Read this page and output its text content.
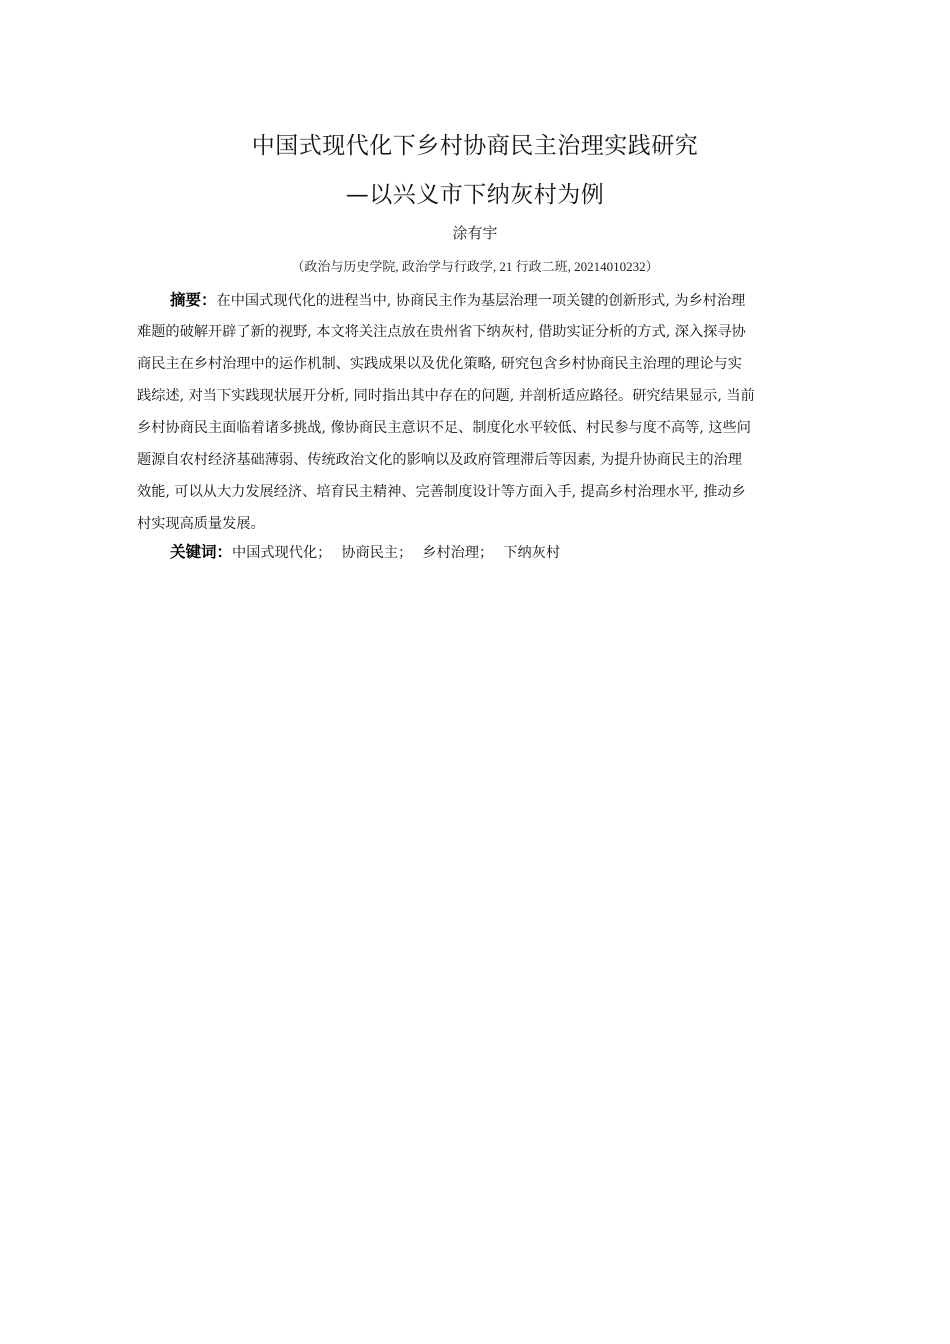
中国式现代化下乡村协商民主治理实践研究
—以兴义市下纳灰村为例
涂有宇
（政治与历史学院, 政治学与行政学, 21 行政二班, 20214010232）
摘要：在中国式现代化的进程当中, 协商民主作为基层治理一项关键的创新形式, 为乡村治理
难题的破解开辟了新的视野, 本文将关注点放在贵州省下纳灰村, 借助实证分析的方式, 深入探寻协
商民主在乡村治理中的运作机制、实践成果以及优化策略, 研究包含乡村协商民主治理的理论与实
践综述, 对当下实践现状展开分析, 同时指出其中存在的问题, 并剖析适应路径。研究结果显示, 当前
乡村协商民主面临着诸多挑战, 像协商民主意识不足、制度化水平较低、村民参与度不高等, 这些问
题源自农村经济基础薄弱、传统政治文化的影响以及政府管理滞后等因素, 为提升协商民主的治理
效能, 可以从大力发展经济、培育民主精神、完善制度设计等方面入手, 提高乡村治理水平, 推动乡
村实现高质量发展。
关键词：中国式现代化； 协商民主； 乡村治理； 下纳灰村
